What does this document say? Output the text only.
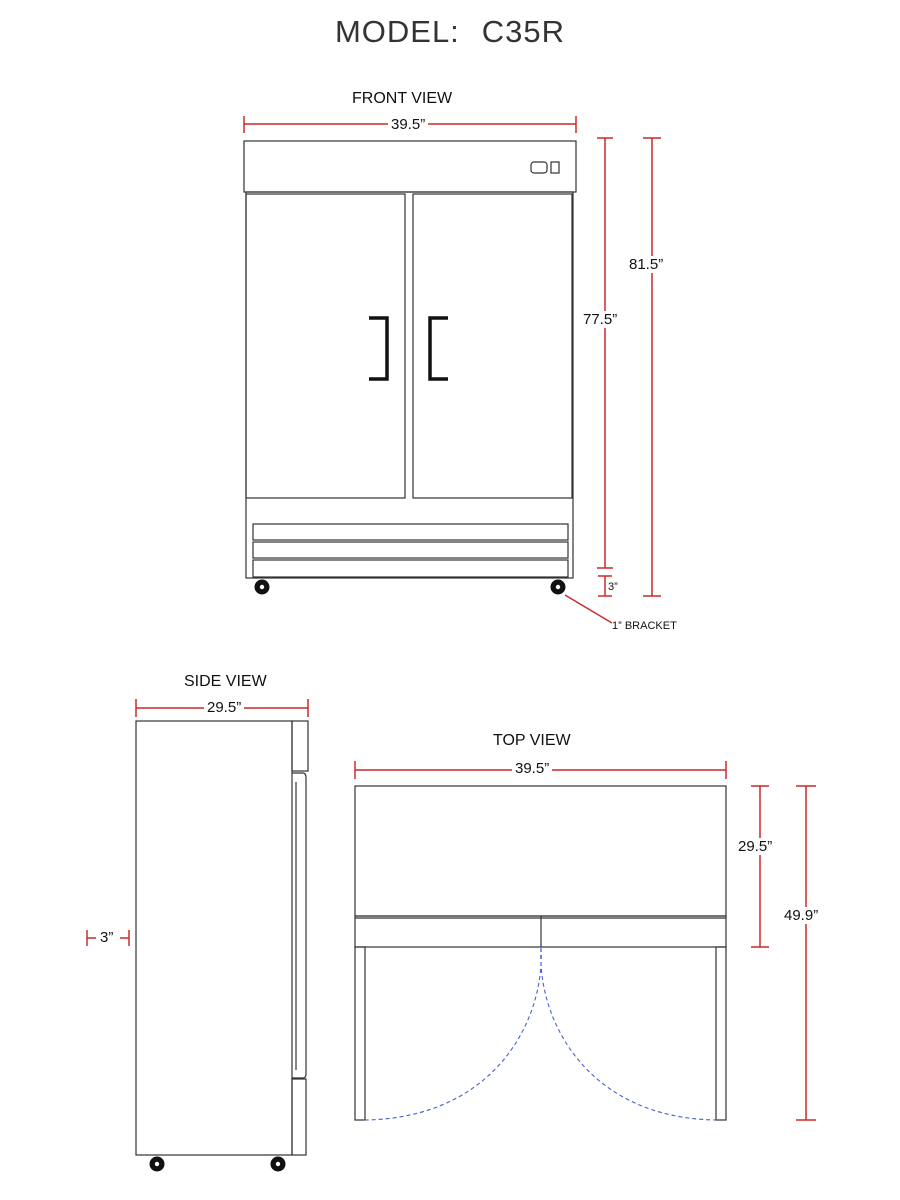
MODEL: C35R
FRONT VIEW
39.5”
81.5”
77.5”
3”
1” BRACKET
SIDE VIEW
29.5”
3”
TOP VIEW
39.5”
29.5”
49.9”
